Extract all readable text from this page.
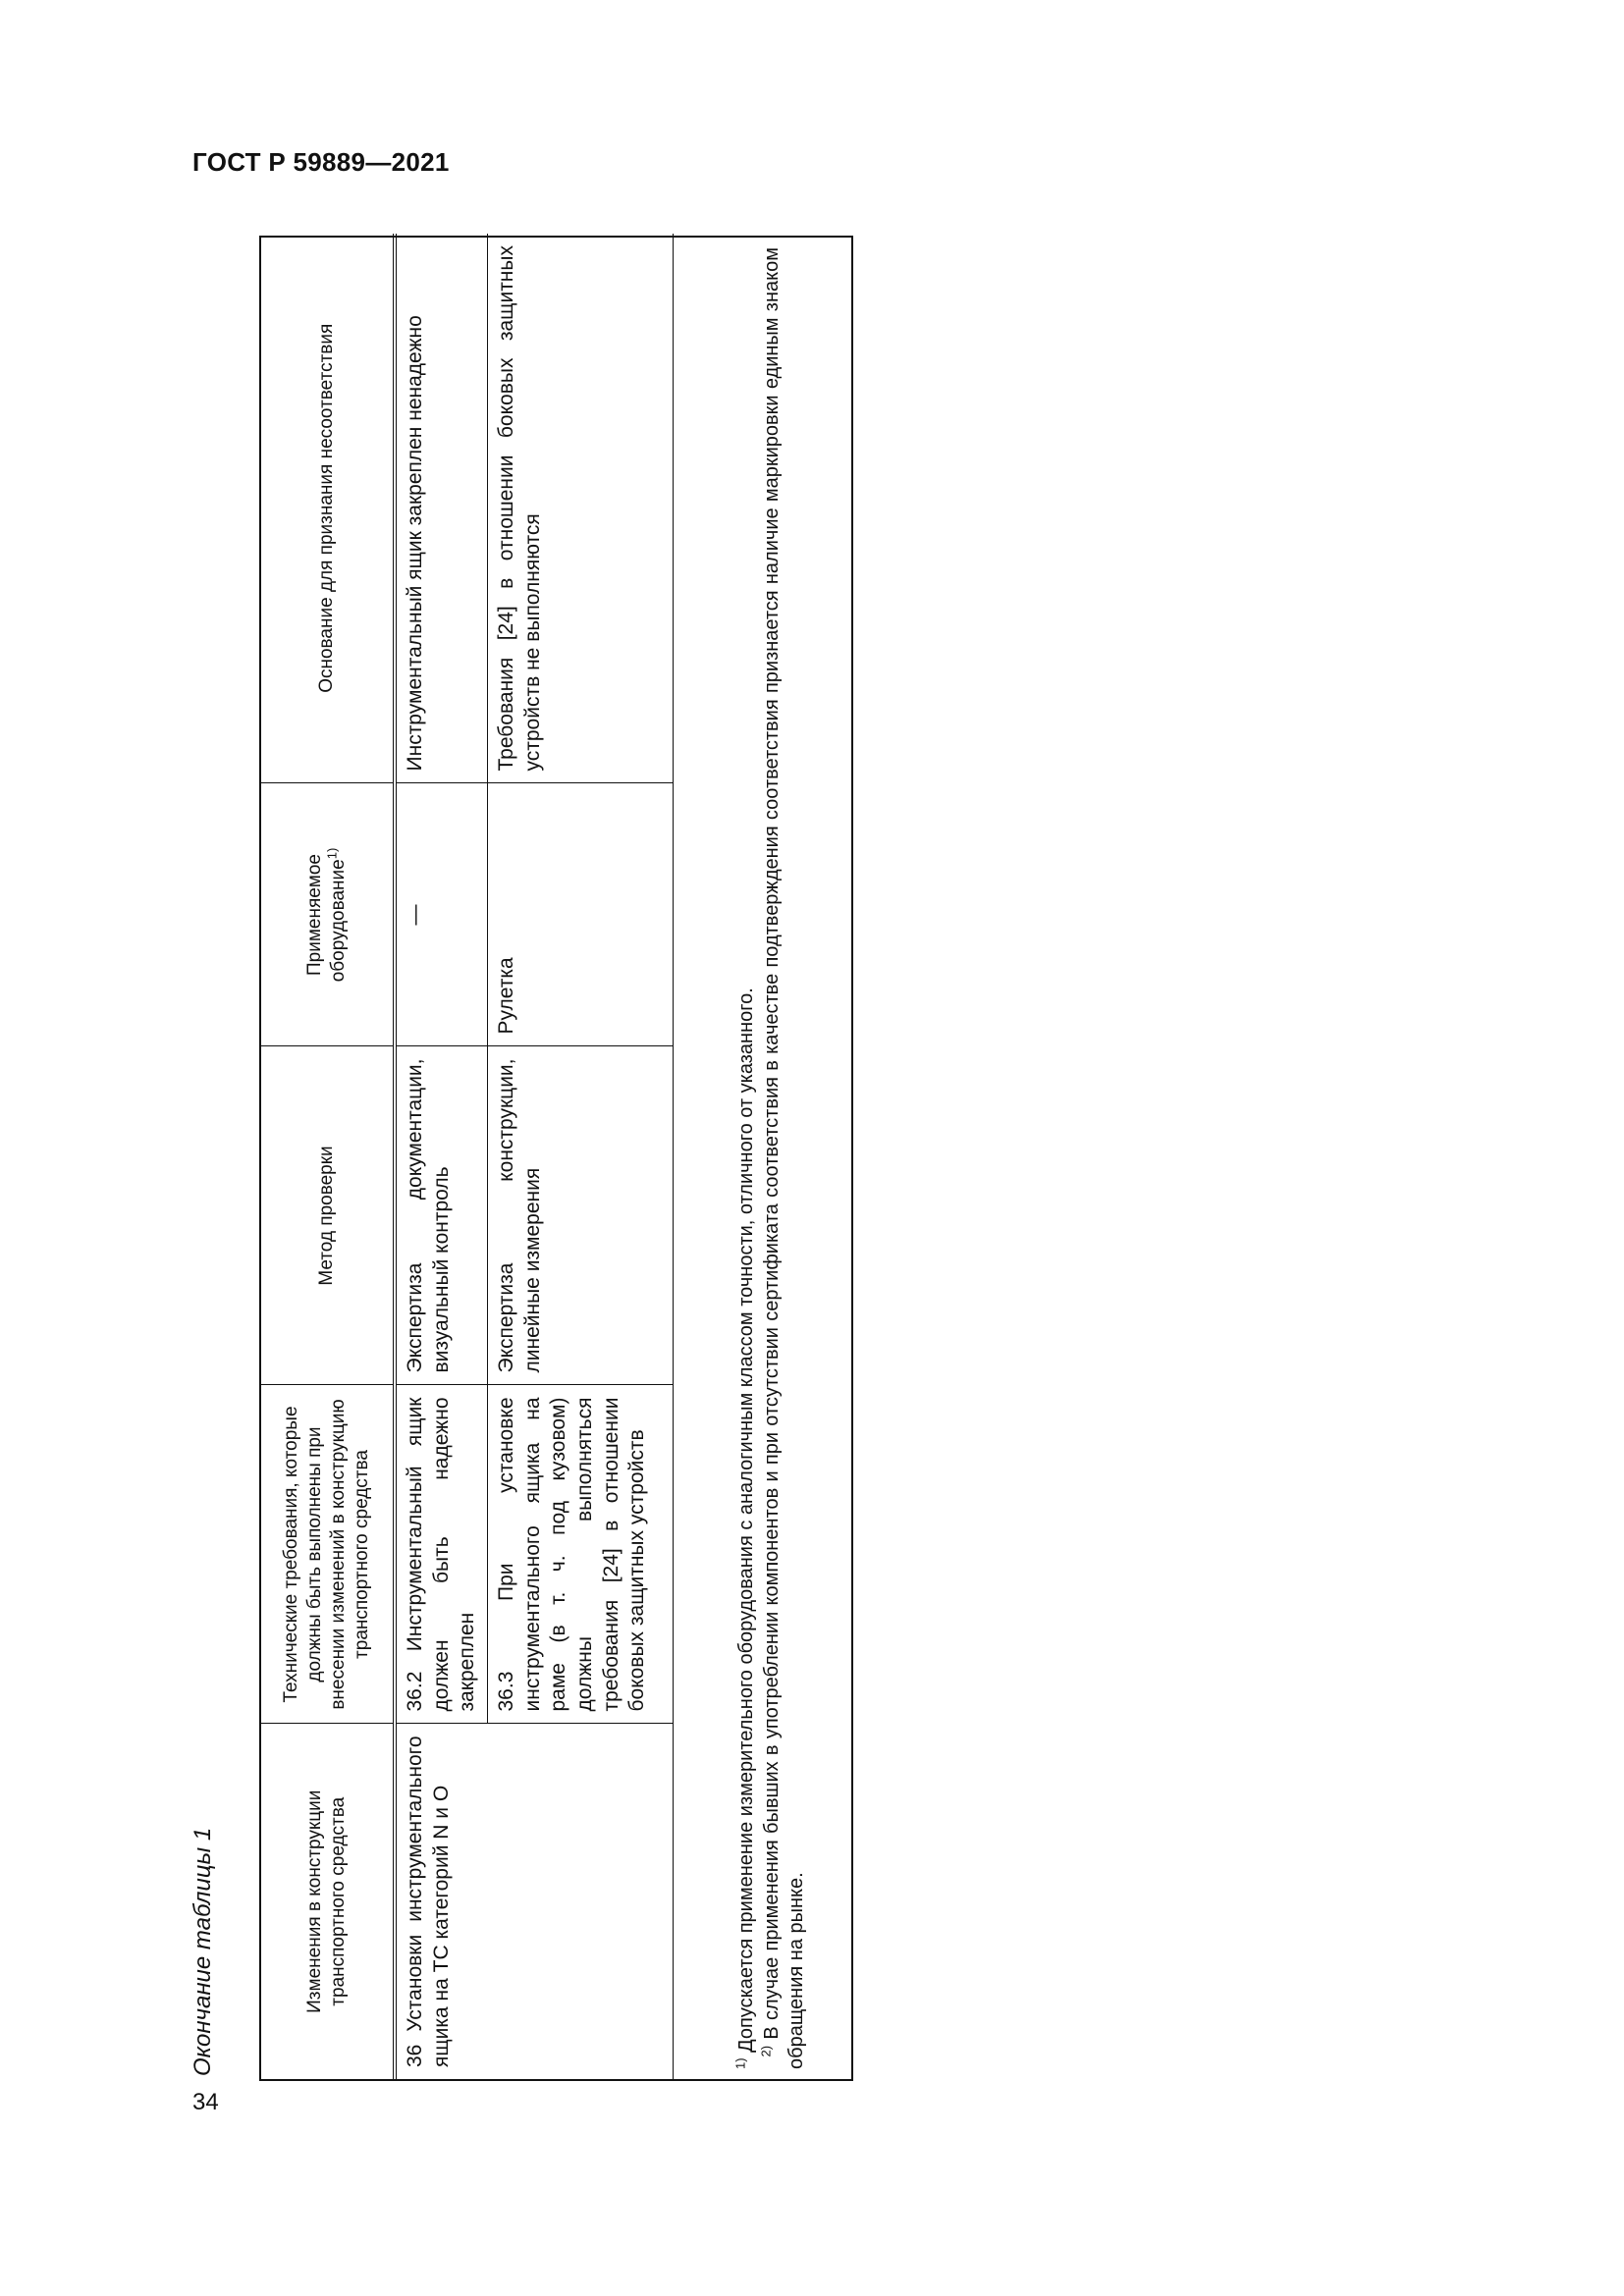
ГОСТ Р 59889—2021
34
Окончание таблицы 1	Изменения в конструкции транспортного средства	Технические требования, которые должны быть выполнены при внесении изменений в конструкцию транспортного средства	Метод проверки	Применяемое оборудование$^{1)}$	Основание для признания несоответствия
36 Установки инструментального ящика на ТС категорий N и O	36.2 Инструментальный ящик должен быть надежно закреплен	Экспертиза документации, визуальный контроль	—	Инструментальный ящик закреплен ненадежно
	36.3 При установке инструментального ящика на раме (в т. ч. под кузовом) должны выполняться требования [24] в отношении боковых защитных устройств	Экспертиза конструкции, линейные измерения	Рулетка	Требования [24] в отношении боковых защитных устройств не выполняются

$^{1)}$ Допускается применение измерительного оборудования с аналогичным классом точности, отличного от указанного. $^{2)}$ В случае применения бывших в употреблении компонентов и при отсутствии сертификата соответствия в качестве подтверждения соответствия признается наличие маркировки единым знаком обращения на рынке.
